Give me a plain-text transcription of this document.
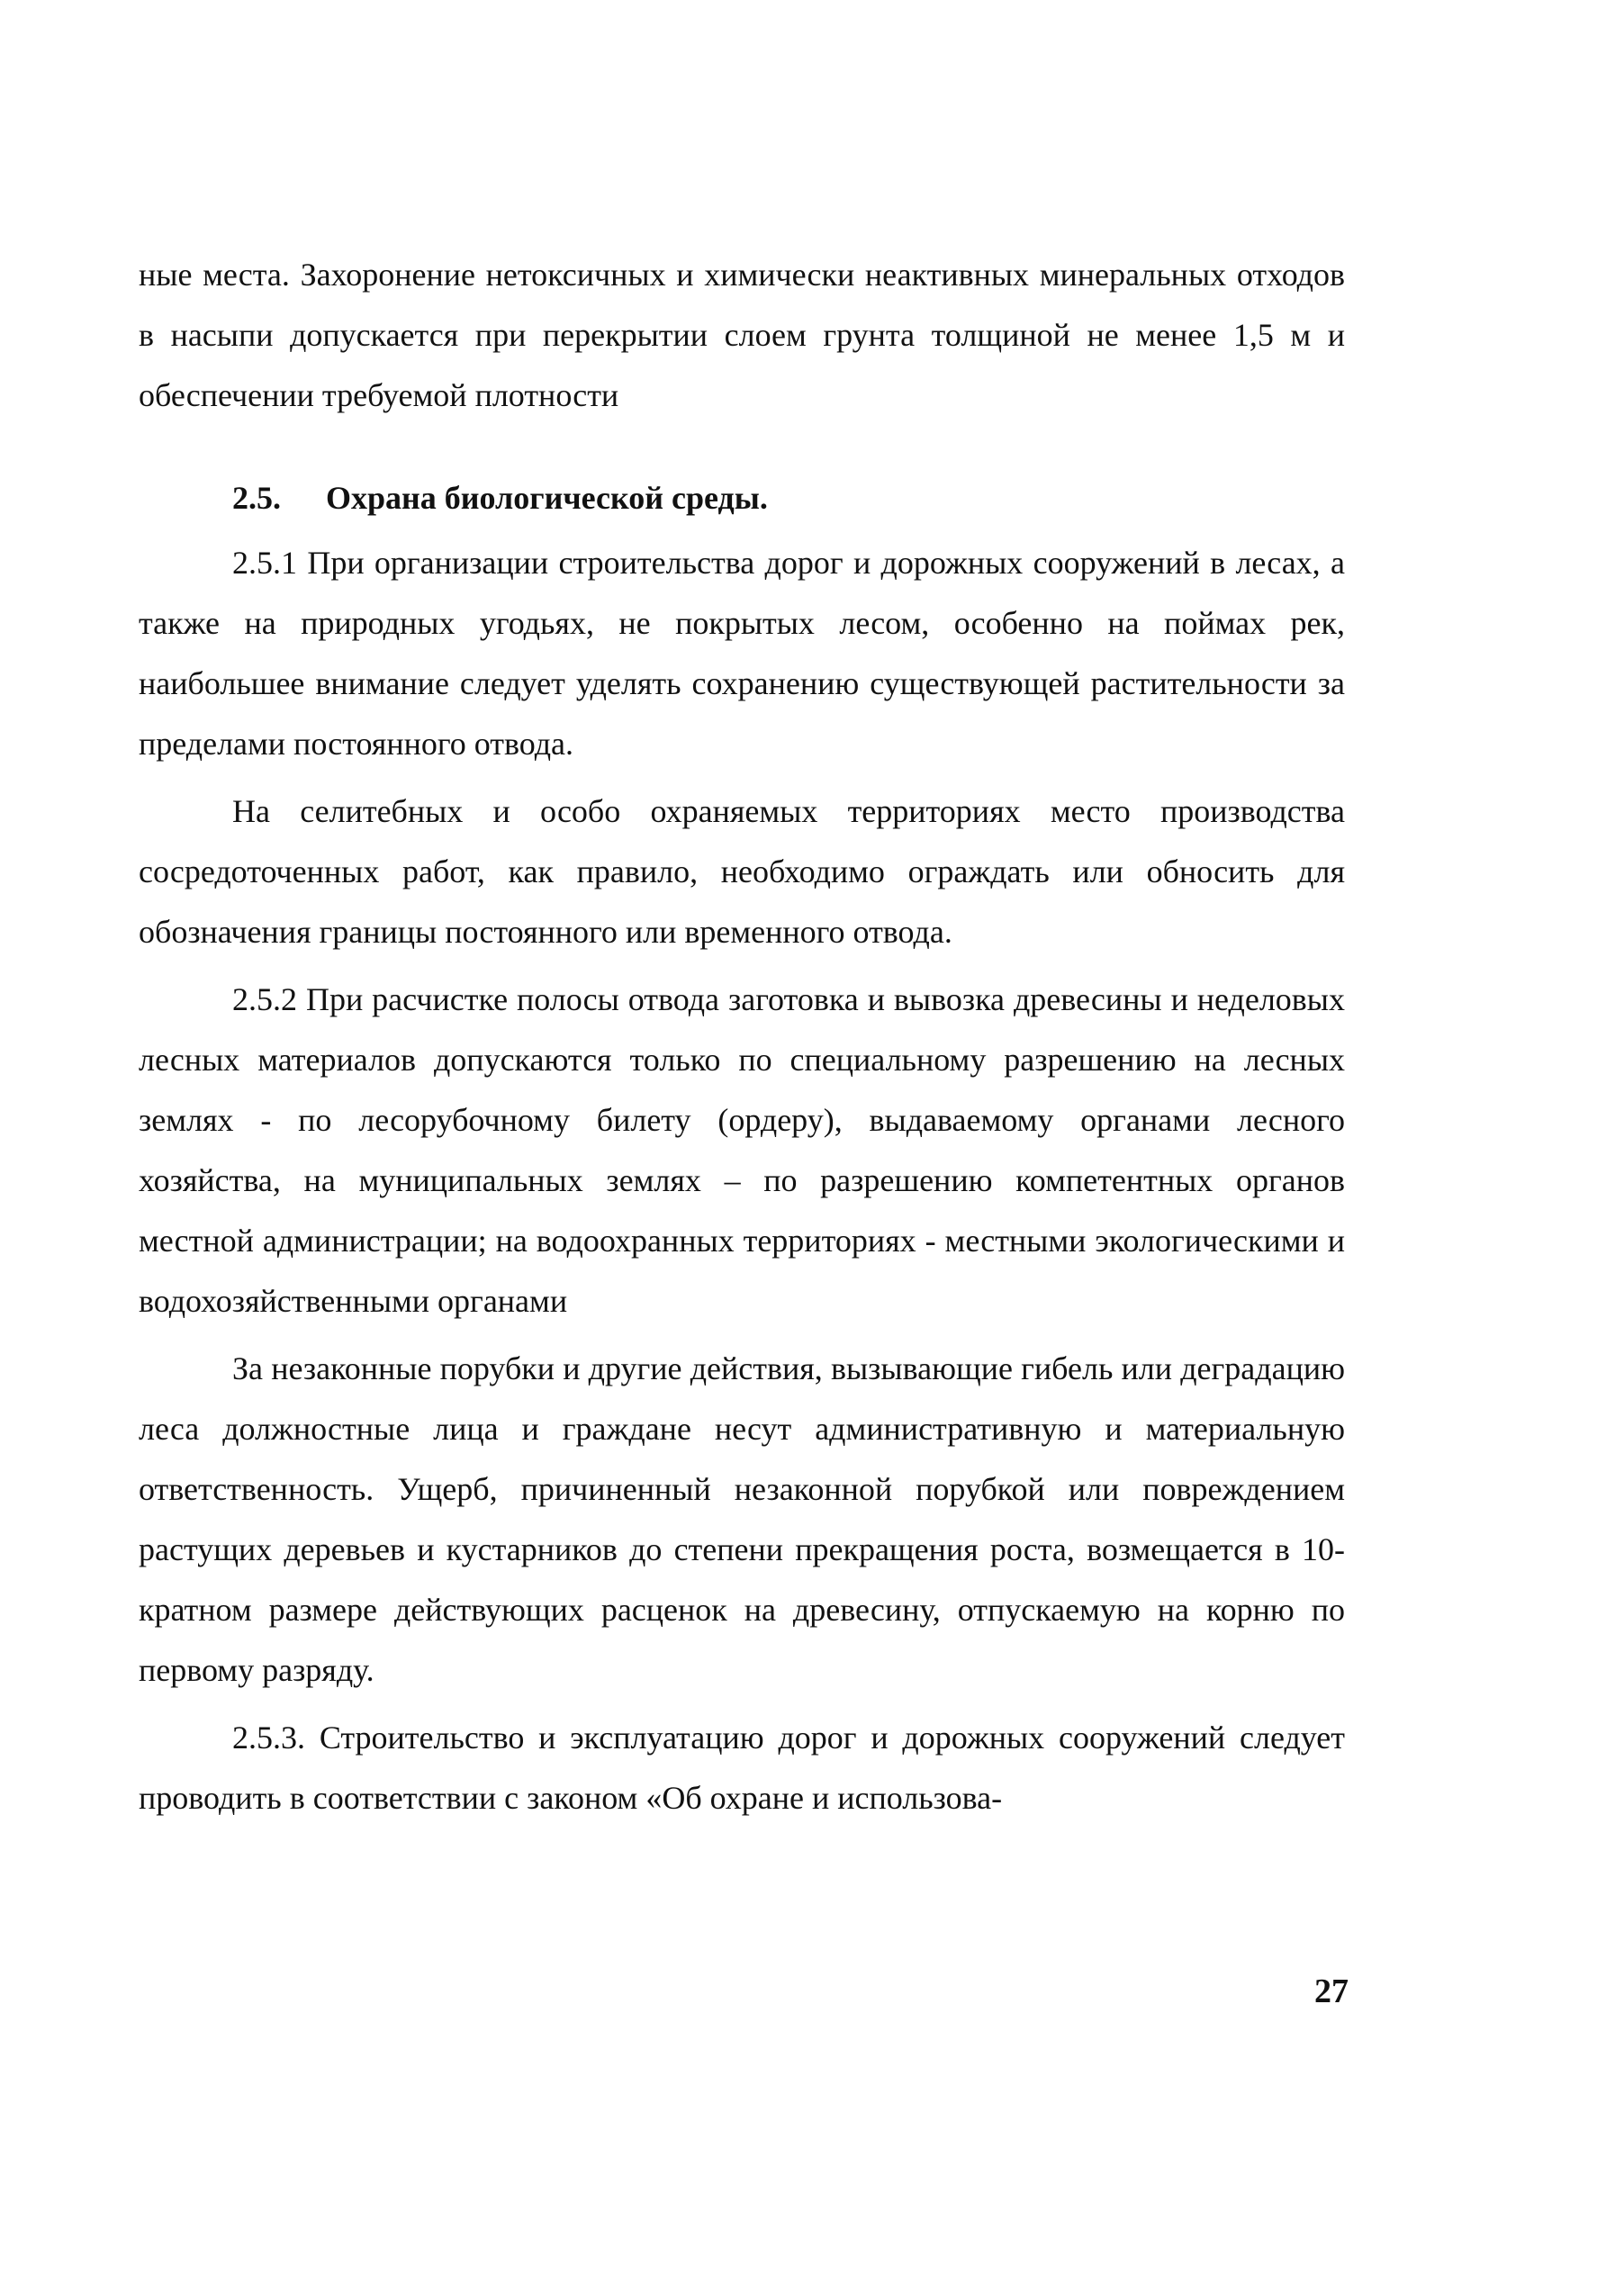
ные места. Захоронение нетоксичных и химически неактивных минеральных отходов в насыпи допускается при перекрытии слоем грунта толщиной не менее 1,5 м и обеспечении требуемой плотности

2.5. Охрана биологической среды.

2.5.1 При организации строительства дорог и дорожных сооружений в лесах, а также на природных угодьях, не покрытых лесом, особенно на поймах рек, наибольшее внимание следует уделять сохранению существующей растительности за пределами постоянного отвода.

На селитебных и особо охраняемых территориях место производства сосредоточенных работ, как правило, необходимо ограждать или обносить для обозначения границы постоянного или временного отвода.

2.5.2 При расчистке полосы отвода заготовка и вывозка древесины и неделовых лесных материалов допускаются только по специальному разрешению на лесных землях - по лесорубочному билету (ордеру), выдаваемому органами лесного хозяйства, на муниципальных землях – по разрешению компетентных органов местной администрации; на водоохранных территориях - местными экологическими и водохозяйственными органами

За незаконные порубки и другие действия, вызывающие гибель или деградацию леса должностные лица и граждане несут административную и материальную ответственность. Ущерб, причиненный незаконной порубкой или повреждением растущих деревьев и кустарников до степени прекращения роста, возмещается в 10-кратном размере действующих расценок на древесину, отпускаемую на корню по первому разряду.

2.5.3. Строительство и эксплуатацию дорог и дорожных сооружений следует проводить в соответствии с законом «Об охране и использова-

27
